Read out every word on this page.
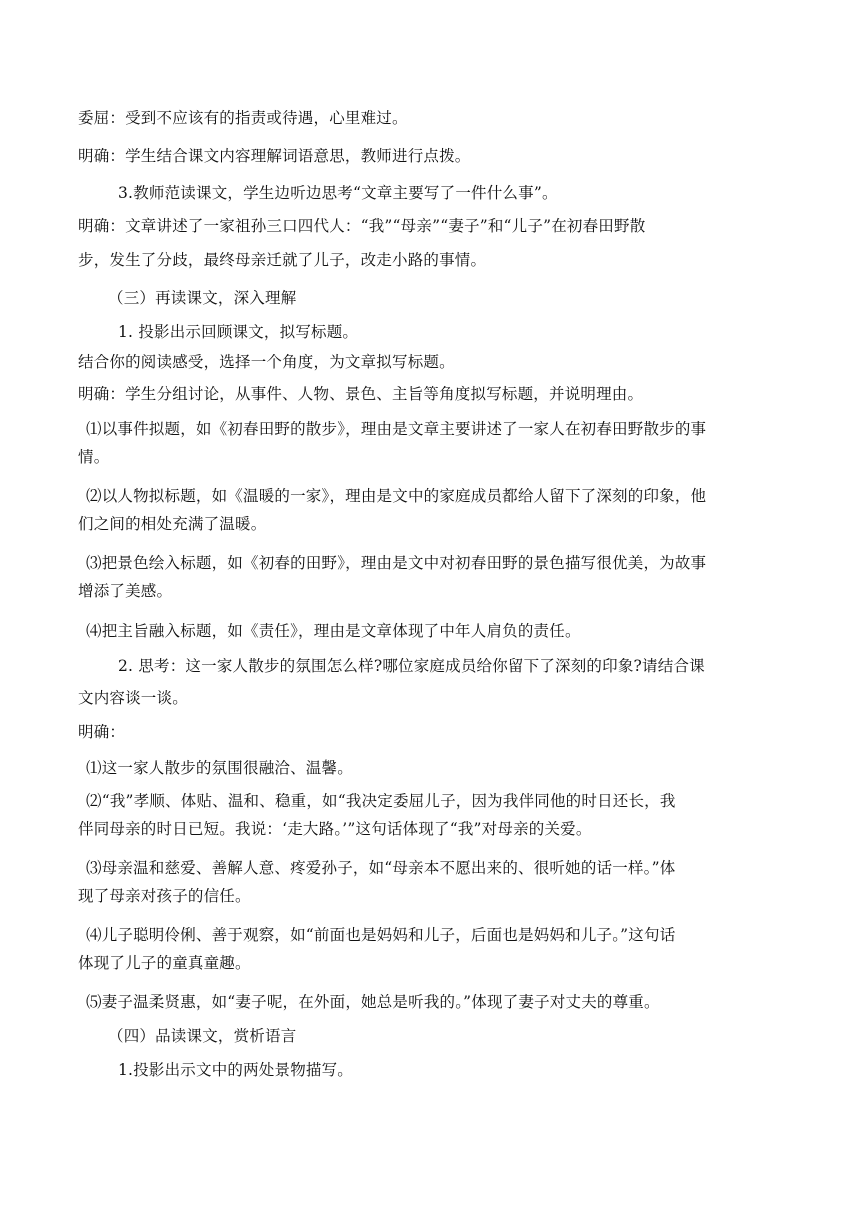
委屈：受到不应该有的指责或待遇，心里难过。
明确：学生结合课文内容理解词语意思，教师进行点拨。
3.教师范读课文，学生边听边思考“文章主要写了一件什么事”。
明确：文章讲述了一家祖孙三口四代人：“我”“母亲”“妻子”和“儿子”在初春田野散
步，发生了分歧，最终母亲迁就了儿子，改走小路的事情。
（三）再读课文，深入理解
1. 投影出示回顾课文，拟写标题。
结合你的阅读感受，选择一个角度，为文章拟写标题。
明确：学生分组讨论，从事件、人物、景色、主旨等角度拟写标题，并说明理由。
⑴以事件拟题，如《初春田野的散步》，理由是文章主要讲述了一家人在初春田野散步的事
情。
⑵以人物拟标题，如《温暖的一家》，理由是文中的家庭成员都给人留下了深刻的印象，他
们之间的相处充满了温暖。
⑶把景色绘入标题，如《初春的田野》，理由是文中对初春田野的景色描写很优美，为故事
增添了美感。
⑷把主旨融入标题，如《责任》，理由是文章体现了中年人肩负的责任。
2. 思考：这一家人散步的氛围怎么样?哪位家庭成员给你留下了深刻的印象?请结合课
文内容谈一谈。
明确：
⑴这一家人散步的氛围很融洽、温馨。
⑵“我”孝顺、体贴、温和、稳重，如“我决定委屈儿子，因为我伴同他的时日还长，我
伴同母亲的时日已短。我说：‘走大路。’”这句话体现了“我”对母亲的关爱。
⑶母亲温和慈爱、善解人意、疼爱孙子，如“母亲本不愿出来的、很听她的话一样。”体
现了母亲对孩子的信任。
⑷儿子聪明伶俐、善于观察，如“前面也是妈妈和儿子，后面也是妈妈和儿子。”这句话
体现了儿子的童真童趣。
⑸妻子温柔贤惠，如“妻子呢，在外面，她总是听我的。”体现了妻子对丈夫的尊重。
（四）品读课文，赏析语言
1.投影出示文中的两处景物描写。
